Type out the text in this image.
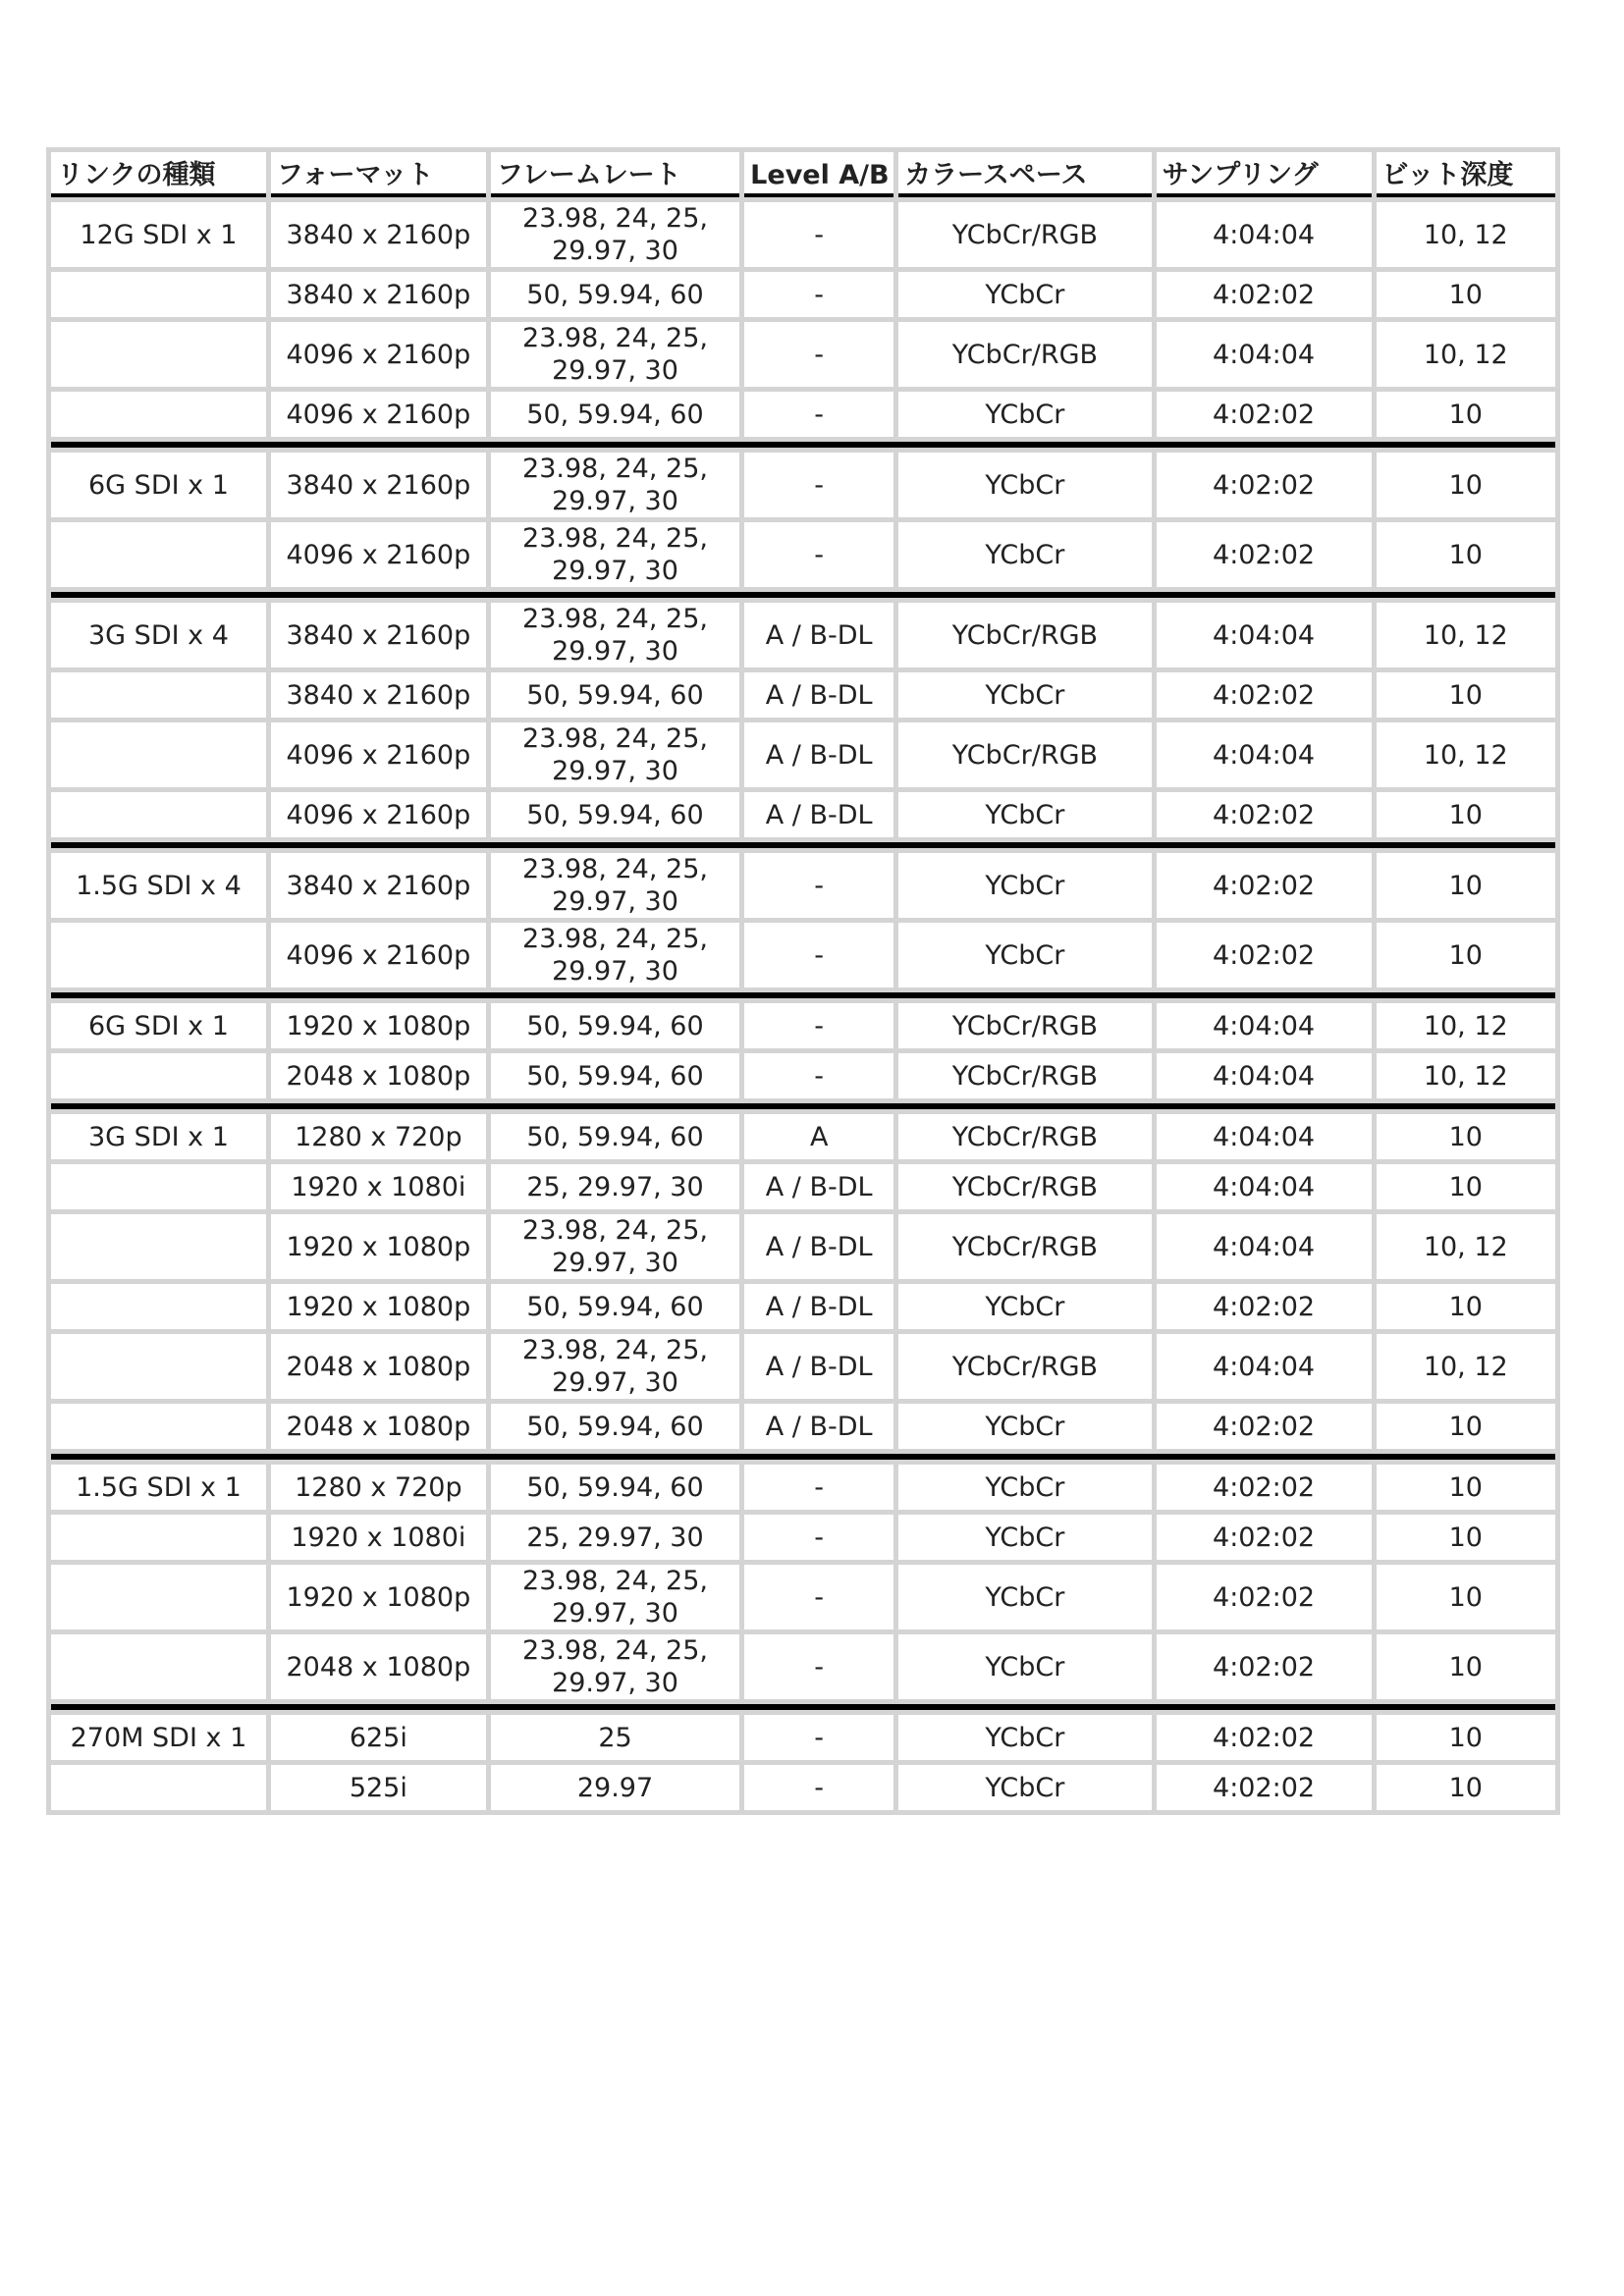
リンクの種類	フォーマット	フレームレート	Level A/B	カラースペース	サンプリング	ビット深度
12G SDI x 1	3840 x 2160p	23.98, 24, 25,
29.97, 30	-	YCbCr/RGB	4:04:04	10, 12
	3840 x 2160p	50, 59.94, 60	-	YCbCr	4:02:02	10
	4096 x 2160p	23.98, 24, 25,
29.97, 30	-	YCbCr/RGB	4:04:04	10, 12
	4096 x 2160p	50, 59.94, 60	-	YCbCr	4:02:02	10

6G SDI x 1	3840 x 2160p	23.98, 24, 25,
29.97, 30	-	YCbCr	4:02:02	10
	4096 x 2160p	23.98, 24, 25,
29.97, 30	-	YCbCr	4:02:02	10

3G SDI x 4	3840 x 2160p	23.98, 24, 25,
29.97, 30	A / B-DL	YCbCr/RGB	4:04:04	10, 12
	3840 x 2160p	50, 59.94, 60	A / B-DL	YCbCr	4:02:02	10
	4096 x 2160p	23.98, 24, 25,
29.97, 30	A / B-DL	YCbCr/RGB	4:04:04	10, 12
	4096 x 2160p	50, 59.94, 60	A / B-DL	YCbCr	4:02:02	10

1.5G SDI x 4	3840 x 2160p	23.98, 24, 25,
29.97, 30	-	YCbCr	4:02:02	10
	4096 x 2160p	23.98, 24, 25,
29.97, 30	-	YCbCr	4:02:02	10

6G SDI x 1	1920 x 1080p	50, 59.94, 60	-	YCbCr/RGB	4:04:04	10, 12
	2048 x 1080p	50, 59.94, 60	-	YCbCr/RGB	4:04:04	10, 12

3G SDI x 1	1280 x 720p	50, 59.94, 60	A	YCbCr/RGB	4:04:04	10
	1920 x 1080i	25, 29.97, 30	A / B-DL	YCbCr/RGB	4:04:04	10
	1920 x 1080p	23.98, 24, 25,
29.97, 30	A / B-DL	YCbCr/RGB	4:04:04	10, 12
	1920 x 1080p	50, 59.94, 60	A / B-DL	YCbCr	4:02:02	10
	2048 x 1080p	23.98, 24, 25,
29.97, 30	A / B-DL	YCbCr/RGB	4:04:04	10, 12
	2048 x 1080p	50, 59.94, 60	A / B-DL	YCbCr	4:02:02	10

1.5G SDI x 1	1280 x 720p	50, 59.94, 60	-	YCbCr	4:02:02	10
	1920 x 1080i	25, 29.97, 30	-	YCbCr	4:02:02	10
	1920 x 1080p	23.98, 24, 25,
29.97, 30	-	YCbCr	4:02:02	10
	2048 x 1080p	23.98, 24, 25,
29.97, 30	-	YCbCr	4:02:02	10

270M SDI x 1	625i	25	-	YCbCr	4:02:02	10
	525i	29.97	-	YCbCr	4:02:02	10
